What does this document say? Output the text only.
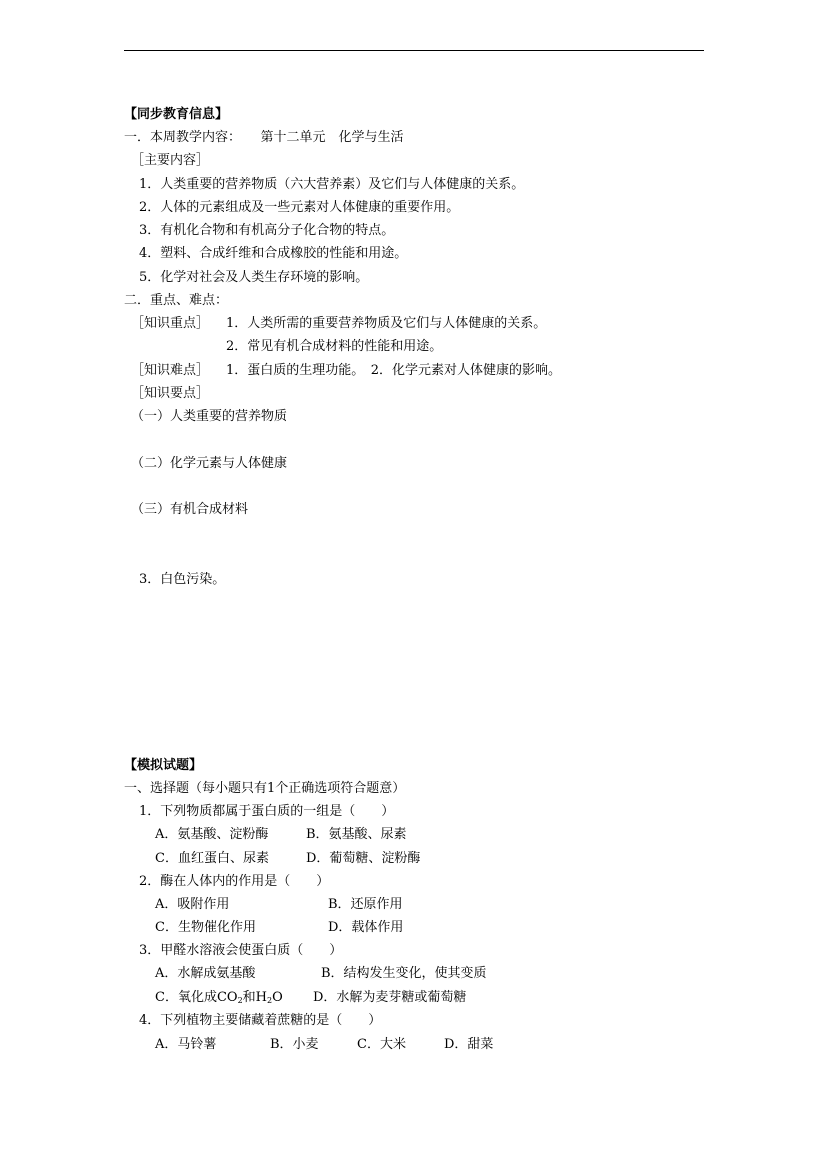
【同步教育信息】
一．本周教学内容：　　第十二单元　化学与生活
［主要内容］
1．人类重要的营养物质（六大营养素）及它们与人体健康的关系。
2．人体的元素组成及一些元素对人体健康的重要作用。
3．有机化合物和有机高分子化合物的特点。
4．塑料、合成纤维和合成橡胶的性能和用途。
5．化学对社会及人类生存环境的影响。
二．重点、难点：
［知识重点］ 1．人类所需的重要营养物质及它们与人体健康的关系。
2．常见有机合成材料的性能和用途。
［知识难点］ 1．蛋白质的生理功能。　2．化学元素对人体健康的影响。
［知识要点］
（一）人类重要的营养物质
（二）化学元素与人体健康
（三）有机合成材料
3．白色污染。
【模拟试题】
一、选择题（每小题只有1个正确选项符合题意）
1．下列物质都属于蛋白质的一组是（　　）
A．氨基酸、淀粉酶	B．氨基酸、尿素
C．血红蛋白、尿素	D．葡萄糖、淀粉酶
2．酶在人体内的作用是（　　）
A．吸附作用	B．还原作用
C．生物催化作用	D．载体作用
3．甲醛水溶液会使蛋白质（　　）
A．水解成氨基酸	B．结构发生变化，使其变质
C．氧化成$CO_2$和$H_2O$ D．水解为麦芽糖或葡萄糖
4．下列植物主要储藏着蔗糖的是（　　）
A．马铃薯	B．小麦	C．大米	D．甜菜
